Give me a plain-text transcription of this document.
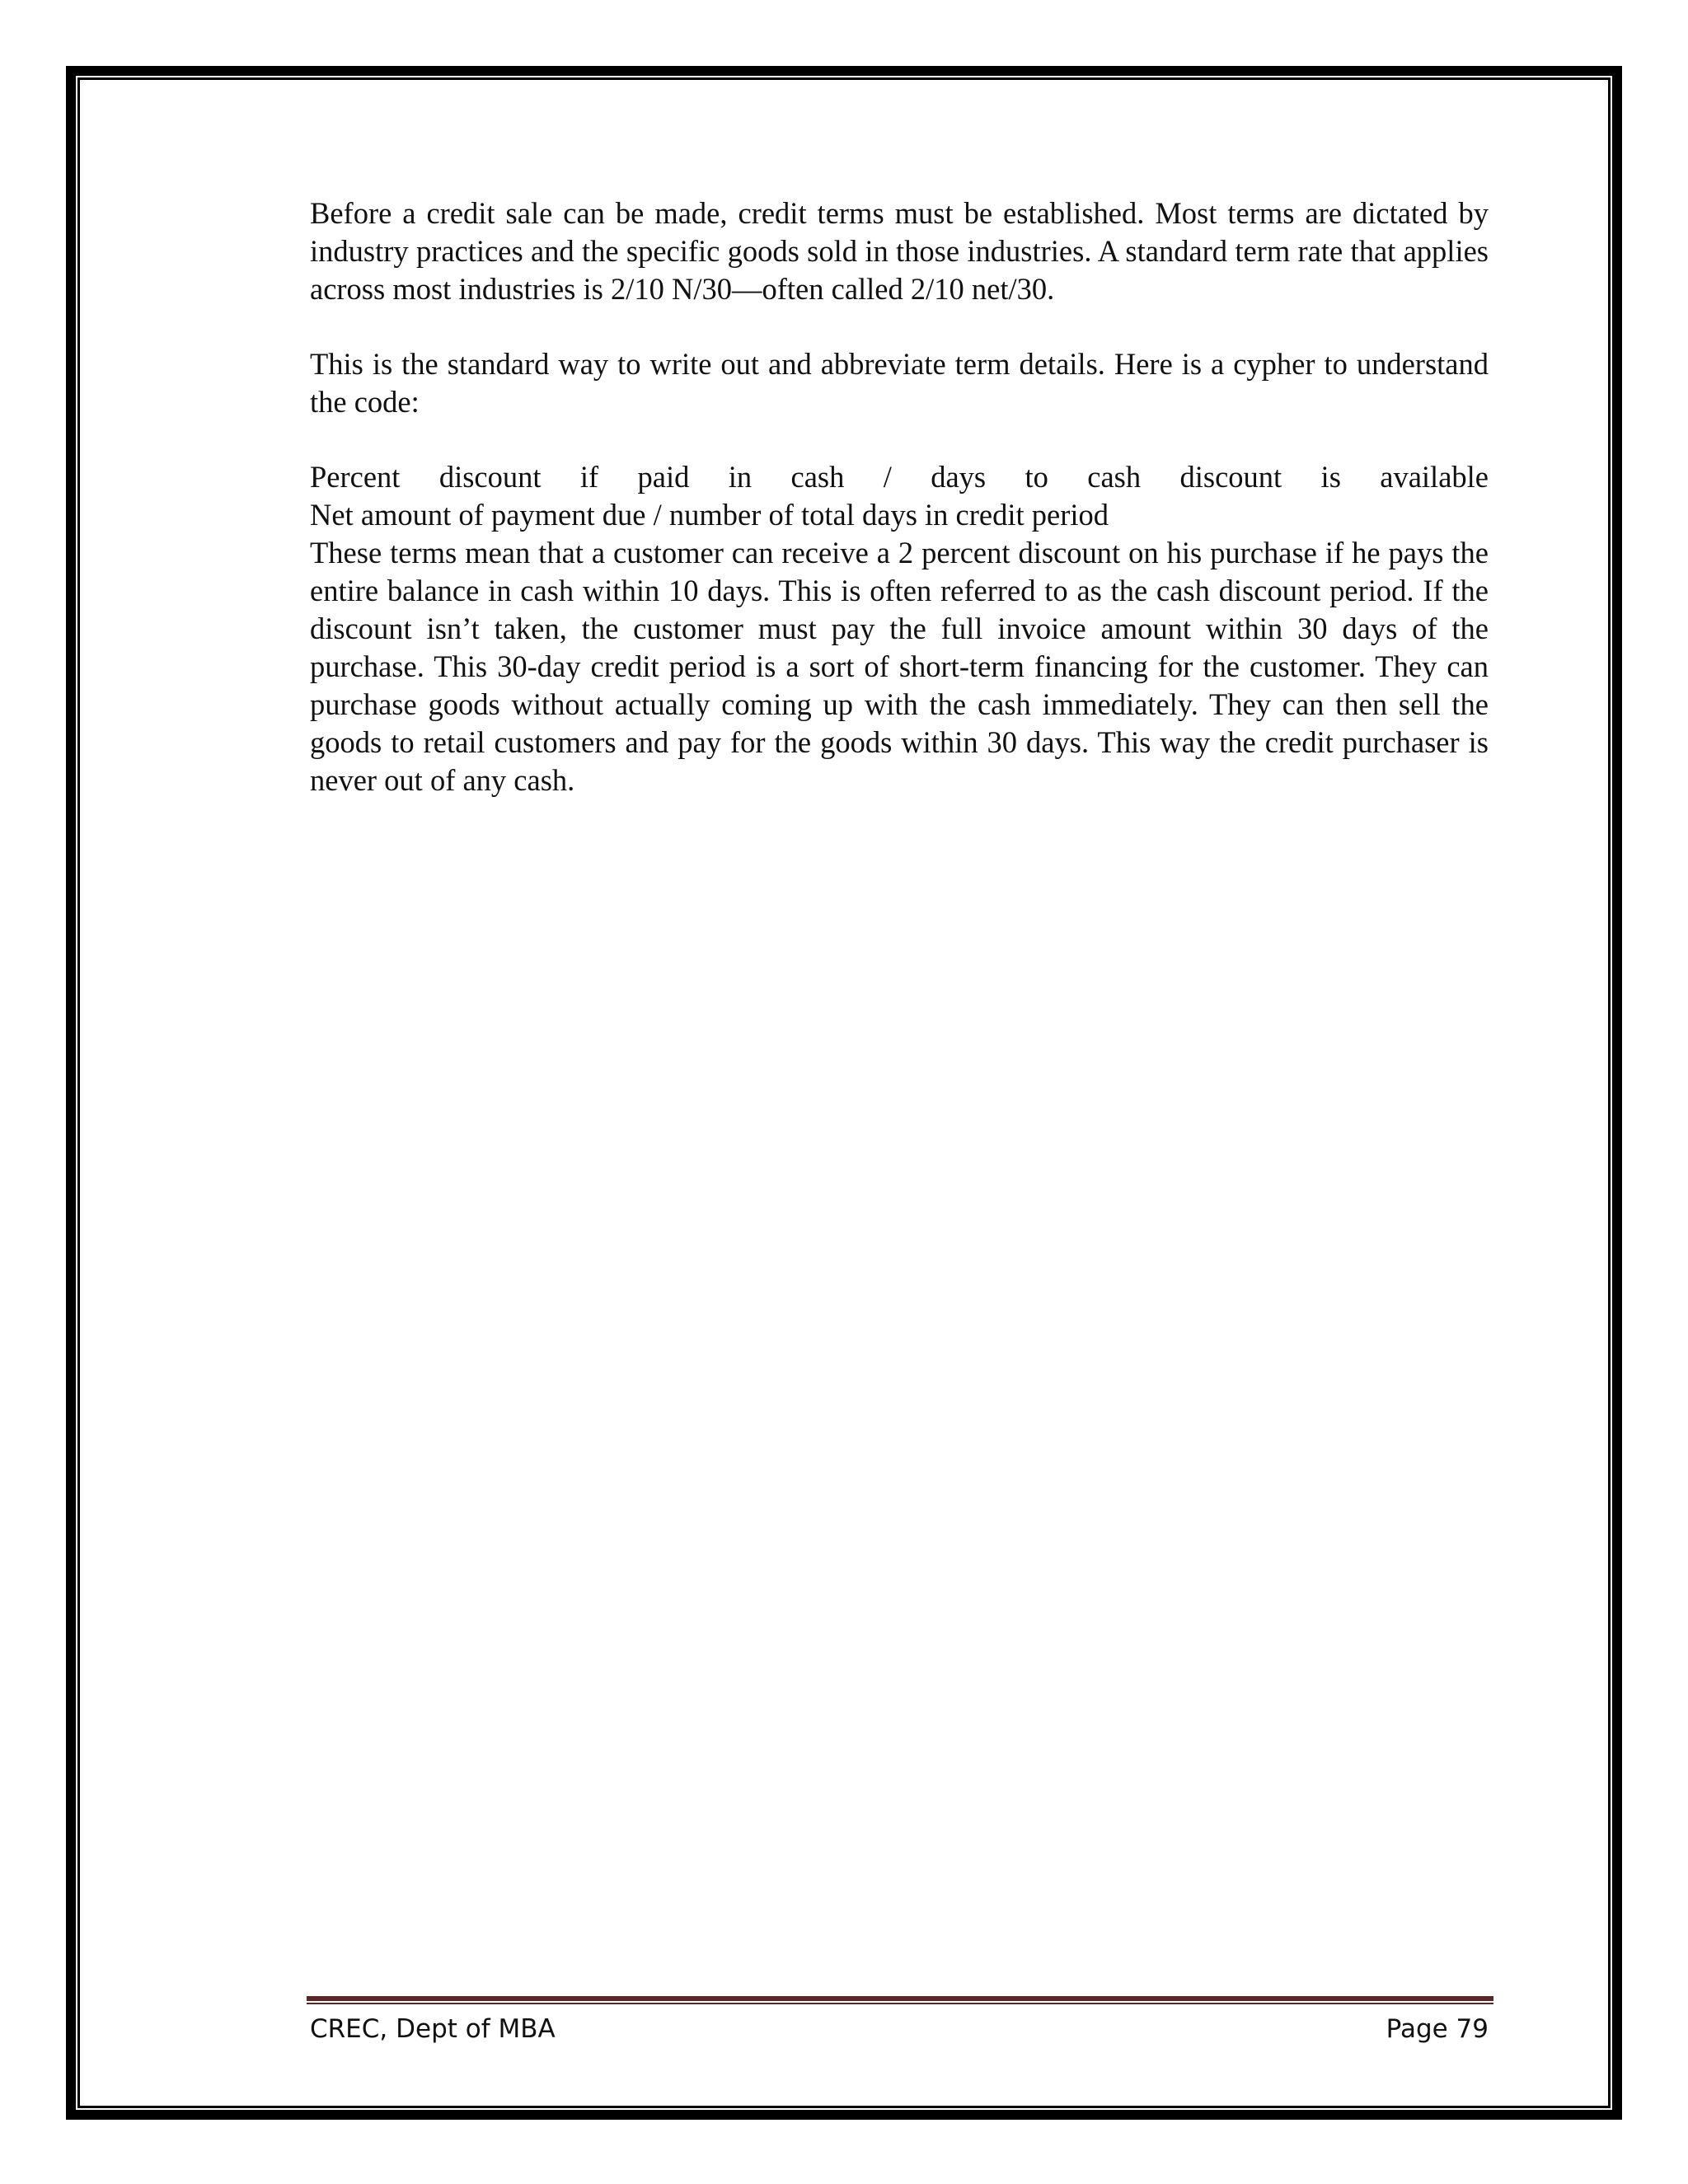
Before a credit sale can be made, credit terms must be established. Most terms are dictated by industry practices and the specific goods sold in those industries. A standard term rate that applies across most industries is 2/10 N/30—often called 2/10 net/30.

This is the standard way to write out and abbreviate term details. Here is a cypher to understand the code:

Percent discount if paid in cash / days to cash discount is available

Net amount of payment due / number of total days in credit period

These terms mean that a customer can receive a 2 percent discount on his purchase if he pays the entire balance in cash within 10 days. This is often referred to as the cash discount period. If the discount isn’t taken, the customer must pay the full invoice amount within 30 days of the purchase. This 30-day credit period is a sort of short-term financing for the customer. They can purchase goods without actually coming up with the cash immediately. They can then sell the goods to retail customers and pay for the goods within 30 days. This way the credit purchaser is never out of any cash.

CREC, Dept of MBA	Page 79
